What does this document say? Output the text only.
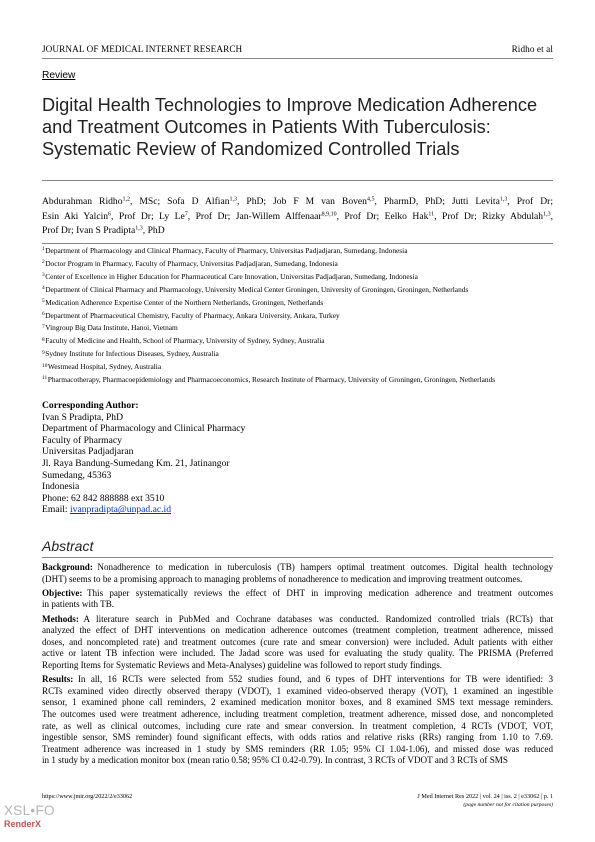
JOURNAL OF MEDICAL INTERNET RESEARCH	Ridho et al
Review
Digital Health Technologies to Improve Medication Adherence
and Treatment Outcomes in Patients With Tuberculosis:
Systematic Review of Randomized Controlled Trials
Abdurahman Ridho$^{1,2}$, MSc; Sofa D Alfian$^{1,3}$, PhD; Job F M van Boven$^{4,5}$, PharmD, PhD; Jutti Levita$^{1,3}$, Prof Dr;
Esin Aki Yalcin$^6$, Prof Dr; Ly Le$^7$, Prof Dr; Jan-Willem Alffenaar$^{8,9,10}$, Prof Dr; Eelko Hak$^{11}$, Prof Dr; Rizky Abdulah$^{1,3}$,
Prof Dr; Ivan S Pradipta$^{1,3}$, PhD
$^1$Department of Pharmacology and Clinical Pharmacy, Faculty of Pharmacy, Universitas Padjadjaran, Sumedang, Indonesia
$^2$Doctor Program in Pharmacy, Faculty of Pharmacy, Universitas Padjadjaran, Sumedang, Indonesia
$^3$Center of Excellence in Higher Education for Pharmaceutical Care Innovation, Universitas Padjadjaran, Sumedang, Indonesia
$^4$Department of Clinical Pharmacy and Pharmacology, University Medical Center Groningen, University of Groningen, Groningen, Netherlands
$^5$Medication Adherence Expertise Center of the Northern Netherlands, Groningen, Netherlands
$^6$Department of Pharmaceutical Chemistry, Faculty of Pharmacy, Ankara University, Ankara, Turkey
$^7$Vingroup Big Data Institute, Hanoi, Vietnam
$^8$Faculty of Medicine and Health, School of Pharmacy, University of Sydney, Sydney, Australia
$^9$Sydney Institute for Infectious Diseases, Sydney, Australia
$^{10}$Westmead Hospital, Sydney, Australia
$^{11}$Pharmacotherapy, Pharmacoepidemiology and Pharmacoeconomics, Research Institute of Pharmacy, University of Groningen, Groningen, Netherlands
Corresponding Author:
Ivan S Pradipta, PhD
Department of Pharmacology and Clinical Pharmacy
Faculty of Pharmacy
Universitas Padjadjaran
Jl. Raya Bandung-Sumedang Km. 21, Jatinangor
Sumedang, 45363
Indonesia
Phone: 62 842 888888 ext 3510
Email: ivanpradipta@unpad.ac.id
Abstract
Background: Nonadherence to medication in tuberculosis (TB) hampers optimal treatment outcomes. Digital health technology
(DHT) seems to be a promising approach to managing problems of nonadherence to medication and improving treatment outcomes.
Objective: This paper systematically reviews the effect of DHT in improving medication adherence and treatment outcomes
in patients with TB.
Methods: A literature search in PubMed and Cochrane databases was conducted. Randomized controlled trials (RCTs) that
analyzed the effect of DHT interventions on medication adherence outcomes (treatment completion, treatment adherence, missed
doses, and noncompleted rate) and treatment outcomes (cure rate and smear conversion) were included. Adult patients with either
active or latent TB infection were included. The Jadad score was used for evaluating the study quality. The PRISMA (Preferred
Reporting Items for Systematic Reviews and Meta-Analyses) guideline was followed to report study findings.
Results: In all, 16 RCTs were selected from 552 studies found, and 6 types of DHT interventions for TB were identified: 3
RCTs examined video directly observed therapy (VDOT), 1 examined video-observed therapy (VOT), 1 examined an ingestible
sensor, 1 examined phone call reminders, 2 examined medication monitor boxes, and 8 examined SMS text message reminders.
The outcomes used were treatment adherence, including treatment completion, treatment adherence, missed dose, and noncompleted
rate, as well as clinical outcomes, including cure rate and smear conversion. In treatment completion, 4 RCTs (VDOT, VOT,
ingestible sensor, SMS reminder) found significant effects, with odds ratios and relative risks (RRs) ranging from 1.10 to 7.69.
Treatment adherence was increased in 1 study by SMS reminders (RR 1.05; 95% CI 1.04-1.06), and missed dose was reduced
in 1 study by a medication monitor box (mean ratio 0.58; 95% CI 0.42-0.79). In contrast, 3 RCTs of VDOT and 3 RCTs of SMS
https://www.jmir.org/2022/2/e33062	J Med Internet Res 2022 | vol. 24 | iss. 2 | e33062 | p. 1
(page number not for citation purposes)
XSL•FO
RenderX
